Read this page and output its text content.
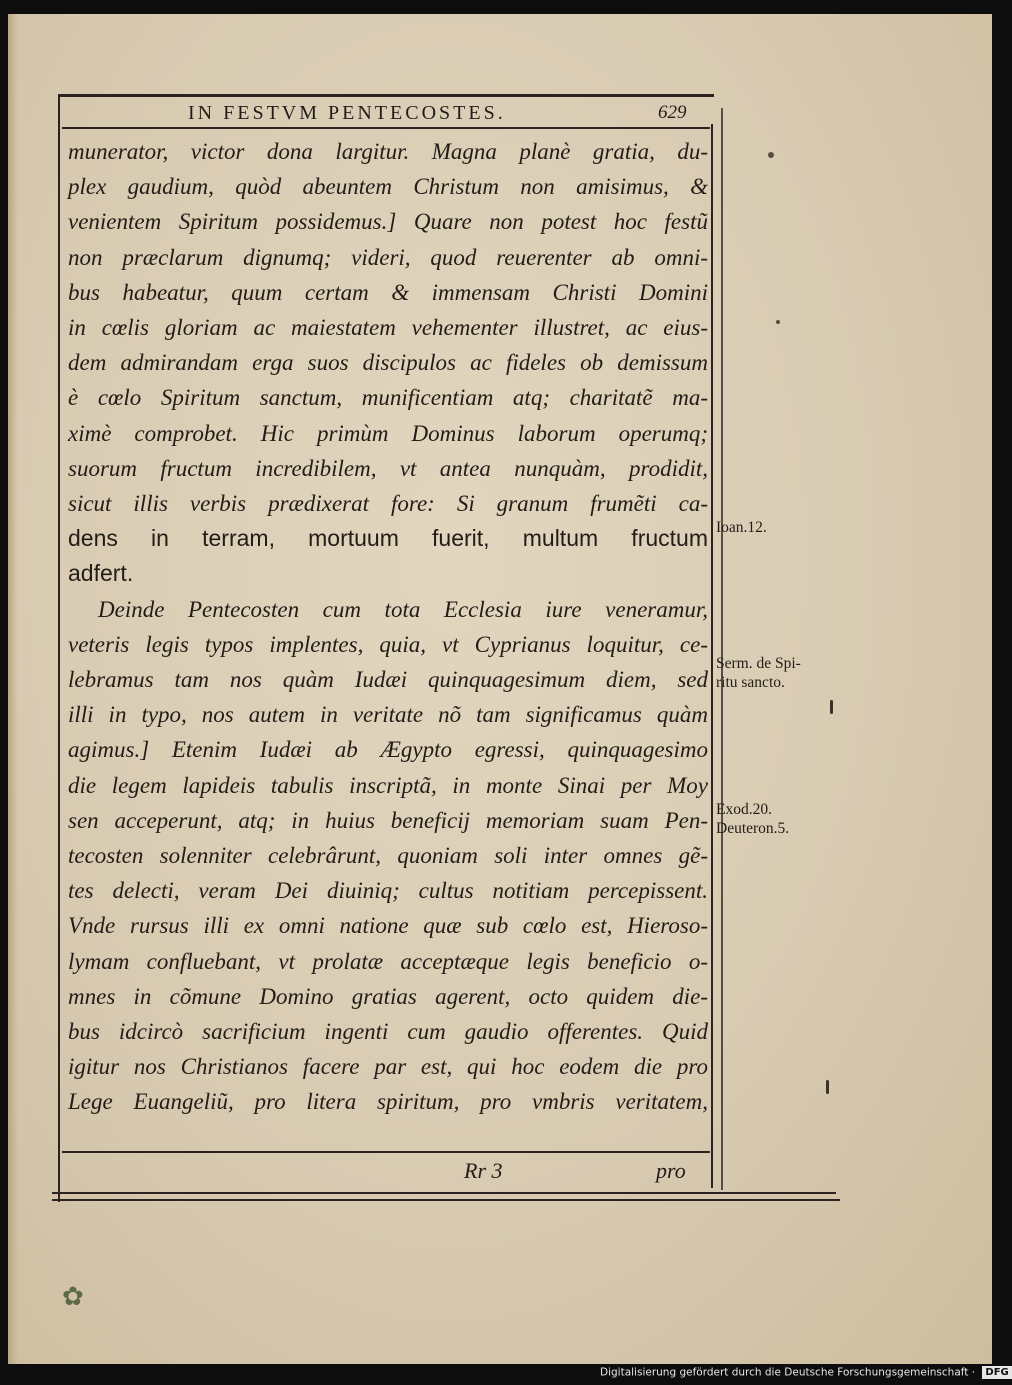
IN FESTVM PENTECOSTES.	629
munerator, victor dona largitur. Magna planè gratia, du-
plex gaudium, quòd abeuntem Christum non amisimus, &
venientem Spiritum possidemus.] Quare non potest hoc festũ
non præclarum dignumq; videri, quod reuerenter ab omni-
bus habeatur, quum certam & immensam Christi Domini
in cœlis gloriam ac maiestatem vehementer illustret, ac eius-
dem admirandam erga suos discipulos ac fideles ob demissum
è cœlo Spiritum sanctum, munificentiam atq; charitatẽ ma-
ximè comprobet. Hic primùm Dominus laborum operumq;
suorum fructum incredibilem, vt antea nunquàm, prodidit,
sicut illis verbis prædixerat fore: Si granum frumẽti ca-
dens in terram, mortuum fuerit, multum fructum
adfert.
Deinde Pentecosten cum tota Ecclesia iure veneramur,
veteris legis typos implentes, quia, vt Cyprianus loquitur, ce-
lebramus tam nos quàm Iudæi quinquagesimum diem, sed
illi in typo, nos autem in veritate nõ tam significamus quàm
agimus.] Etenim Iudæi ab Ægypto egressi, quinquagesimo
die legem lapideis tabulis inscriptã, in monte Sinai per Moy
sen acceperunt, atq; in huius beneficij memoriam suam Pen-
tecosten solenniter celebrârunt, quoniam soli inter omnes gẽ-
tes delecti, veram Dei diuiniq; cultus notitiam percepissent.
Vnde rursus illi ex omni natione quæ sub cœlo est, Hieroso-
lymam confluebant, vt prolatæ acceptæque legis beneficio o-
mnes in cõmune Domino gratias agerent, octo quidem die-
bus idcircò sacrificium ingenti cum gaudio offerentes. Quid
igitur nos Christianos facere par est, qui hoc eodem die pro
Lege Euangeliũ, pro litera spiritum, pro vmbris veritatem,
Ioan.12.
Serm. de Spi-
ritu sancto.
Exod.20.
Deuteron.5.
Rr 3	pro
✿
Digitalisierung gefördert durch die Deutsche Forschungsgemeinschaft · DFG
